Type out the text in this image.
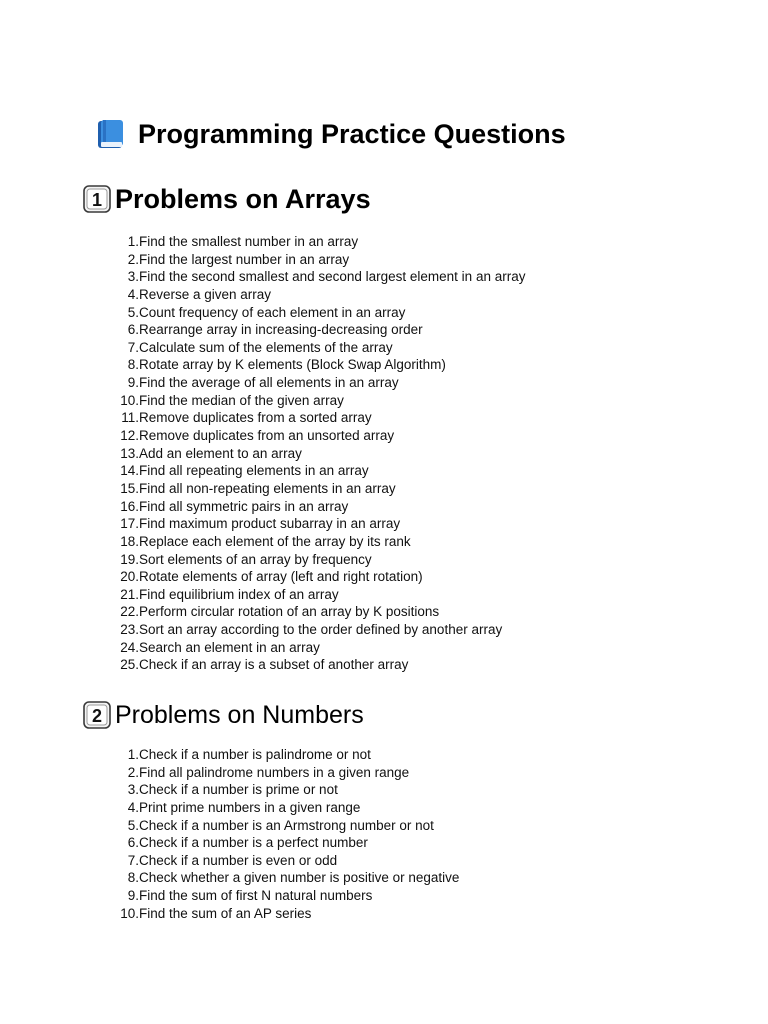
Programming Practice Questions
1 Problems on Arrays
1. Find the smallest number in an array
2. Find the largest number in an array
3. Find the second smallest and second largest element in an array
4. Reverse a given array
5. Count frequency of each element in an array
6. Rearrange array in increasing-decreasing order
7. Calculate sum of the elements of the array
8. Rotate array by K elements (Block Swap Algorithm)
9. Find the average of all elements in an array
10. Find the median of the given array
11. Remove duplicates from a sorted array
12. Remove duplicates from an unsorted array
13. Add an element to an array
14. Find all repeating elements in an array
15. Find all non-repeating elements in an array
16. Find all symmetric pairs in an array
17. Find maximum product subarray in an array
18. Replace each element of the array by its rank
19. Sort elements of an array by frequency
20. Rotate elements of array (left and right rotation)
21. Find equilibrium index of an array
22. Perform circular rotation of an array by K positions
23. Sort an array according to the order defined by another array
24. Search an element in an array
25. Check if an array is a subset of another array
2 Problems on Numbers
1. Check if a number is palindrome or not
2. Find all palindrome numbers in a given range
3. Check if a number is prime or not
4. Print prime numbers in a given range
5. Check if a number is an Armstrong number or not
6. Check if a number is a perfect number
7. Check if a number is even or odd
8. Check whether a given number is positive or negative
9. Find the sum of first N natural numbers
10. Find the sum of an AP series
